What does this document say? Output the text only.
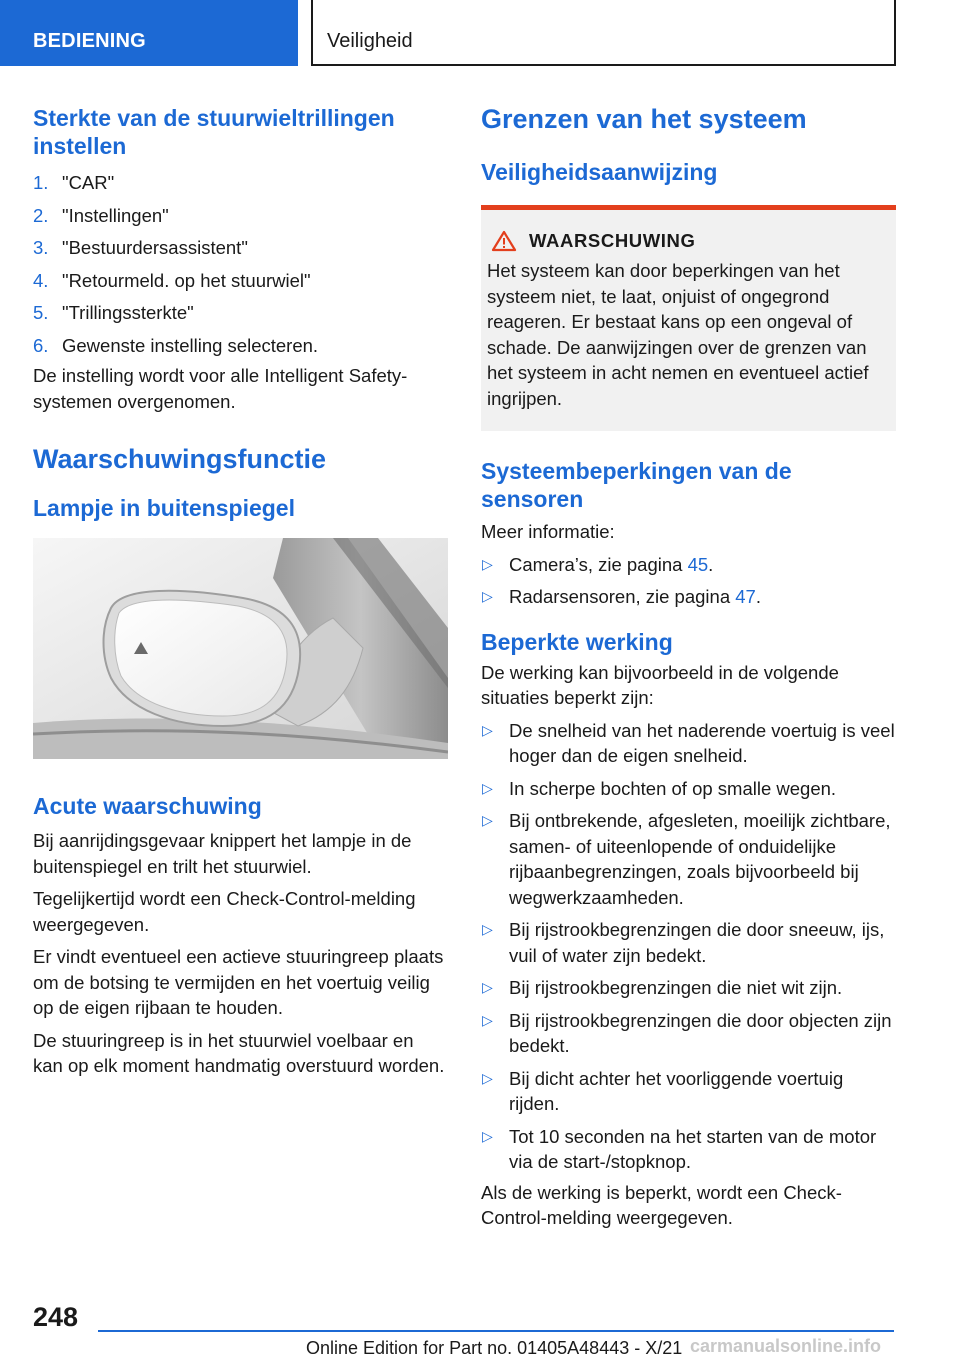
BEDIENING	Veiligheid
Sterkte van de stuurwieltrillingen instellen
1. "CAR"
2. "Instellingen"
3. "Bestuurdersassistent"
4. "Retourmeld. op het stuurwiel"
5. "Trillingssterkte"
6. Gewenste instelling selecteren.

De instelling wordt voor alle Intelligent Safety-systemen overgenomen.

Waarschuwingsfunctie
Lampje in buitenspiegel
Acute waarschuwing

Bij aanrijdingsgevaar knippert het lampje in de buitenspiegel en trilt het stuurwiel.

Tegelijkertijd wordt een Check-Control-melding weergegeven.

Er vindt eventueel een actieve stuuringreep plaats om de botsing te vermijden en het voertuig veilig op de eigen rijbaan te houden.

De stuuringreep is in het stuurwiel voelbaar en kan op elk moment handmatig overstuurd worden.

Grenzen van het systeem
Veiligheidsaanwijzing
WAARSCHUWING

Het systeem kan door beperkingen van het systeem niet, te laat, onjuist of ongegrond reageren. Er bestaat kans op een ongeval of schade. De aanwijzingen over de grenzen van het systeem in acht nemen en eventueel actief ingrijpen.

Systeembeperkingen van de sensoren

Meer informatie:

▷ Camera’s, zie pagina 45.
▷ Radarsensoren, zie pagina 47.
Beperkte werking

De werking kan bijvoorbeeld in de volgende situaties beperkt zijn:

▷ De snelheid van het naderende voertuig is veel hoger dan de eigen snelheid.
▷ In scherpe bochten of op smalle wegen.
▷ Bij ontbrekende, afgesleten, moeilijk zichtbare, samen- of uiteenlopende of onduidelijke rijbaanbegrenzingen, zoals bijvoorbeeld bij wegwerkzaamheden.
▷ Bij rijstrookbegrenzingen die door sneeuw, ijs, vuil of water zijn bedekt.
▷ Bij rijstrookbegrenzingen die niet wit zijn.
▷ Bij rijstrookbegrenzingen die door objecten zijn bedekt.
▷ Bij dicht achter het voorliggende voertuig rijden.
▷ Tot 10 seconden na het starten van de motor via de start-/stopknop.

Als de werking is beperkt, wordt een Check-Control-melding weergegeven.

248
Online Edition for Part no. 01405A48443 - X/21 carmanualsonline.info
